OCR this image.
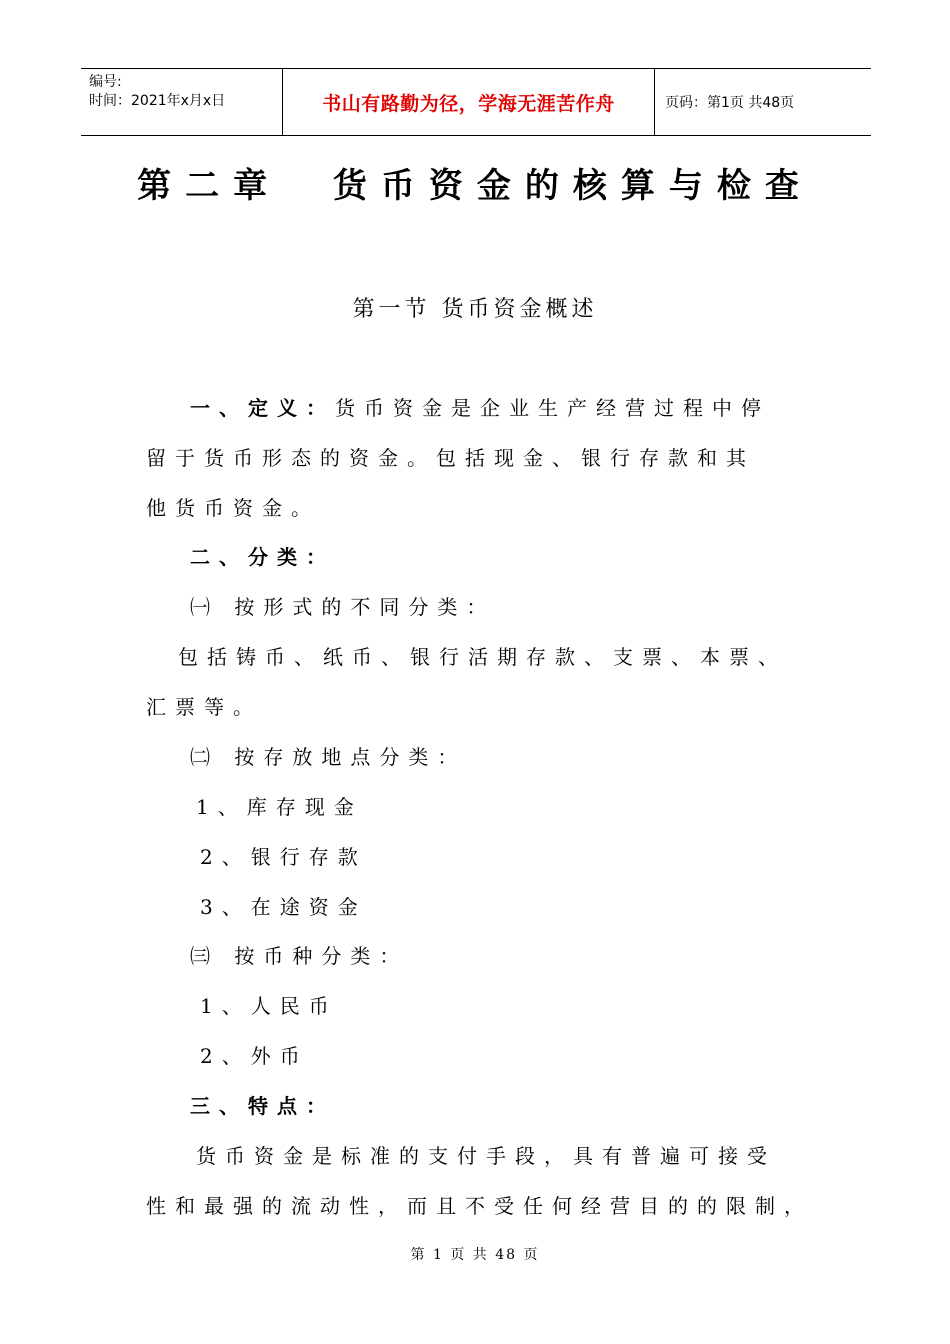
编号:
时间：2021年x月x日	书山有路勤为径，学海无涯苦作舟	页码：第1页 共48页
第二章  货币资金的核算与检查
第一节 货币资金概述
一、定义：货币资金是企业生产经营过程中停
留于货币形态的资金。包括现金、银行存款和其
他货币资金。
二、分类：
㈠ 按形式的不同分类：
包括铸币、纸币、银行活期存款、支票、本票、
汇票等。
㈡ 按存放地点分类：
1、库存现金
2、银行存款
3、在途资金
㈢ 按币种分类：
1、人民币
2、外币
三、特点：
货币资金是标准的支付手段，具有普遍可接受
性和最强的流动性，而且不受任何经营目的的限制，
第 1 页 共 48 页
